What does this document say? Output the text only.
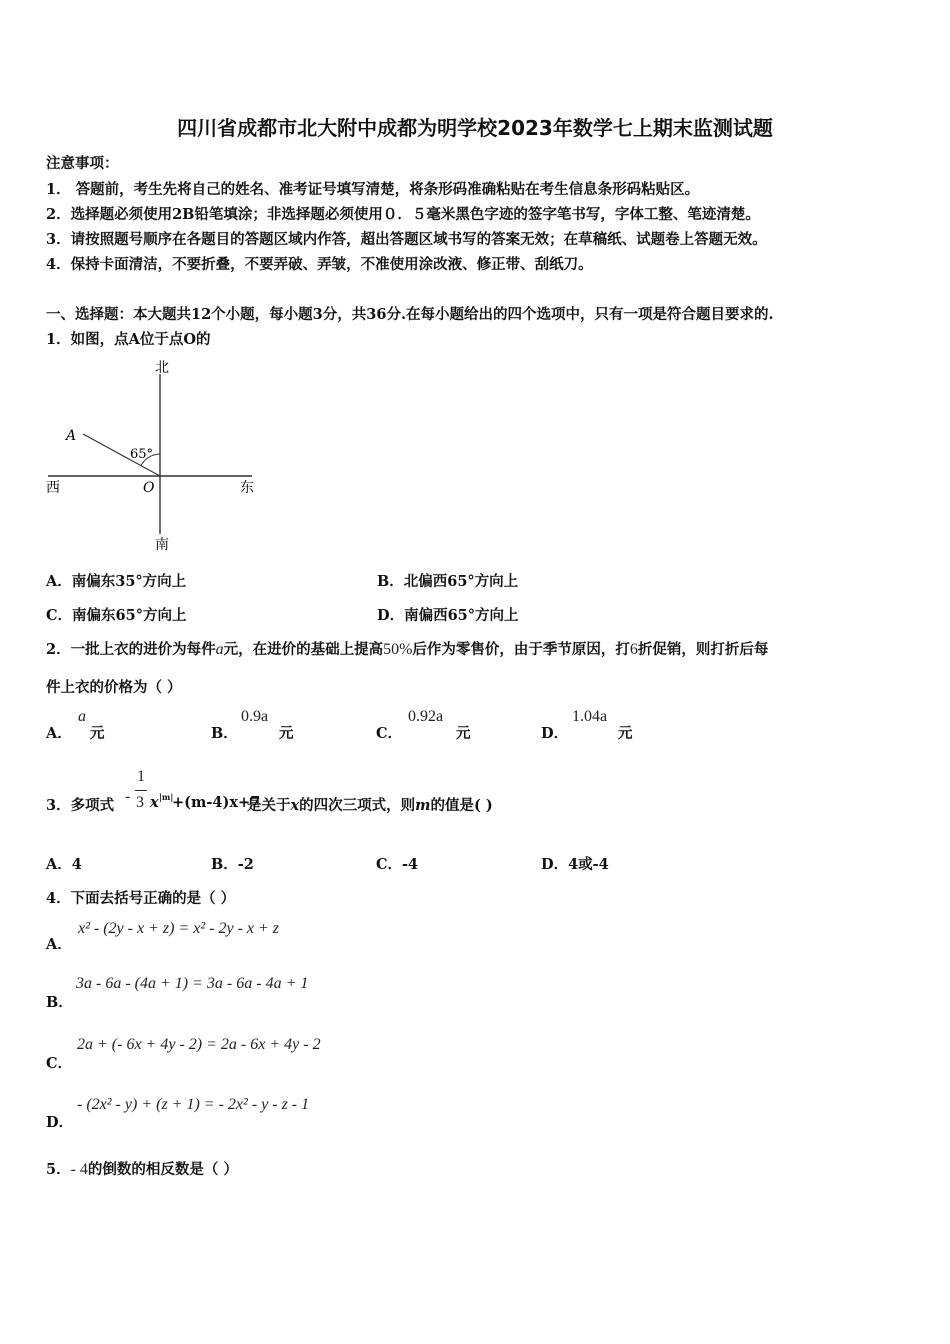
四川省成都市北大附中成都为明学校2023年数学七上期末监测试题
注意事项：
1． 答题前，考生先将自己的姓名、准考证号填写清楚，将条形码准确粘贴在考生信息条形码粘贴区。
2．选择题必须使用2B铅笔填涂；非选择题必须使用０．５毫米黑色字迹的签字笔书写，字体工整、笔迹清楚。
3．请按照题号顺序在各题目的答题区域内作答，超出答题区域书写的答案无效；在草稿纸、试题卷上答题无效。
4．保持卡面清洁，不要折叠，不要弄破、弄皱，不准使用涂改液、修正带、刮纸刀。
一、选择题：本大题共12个小题，每小题3分，共36分.在每小题给出的四个选项中，只有一项是符合题目要求的.
1．如图，点A位于点O的
北
南
西	东
A
O
65°
A．南偏东35°方向上	B．北偏西65°方向上
C．南偏东65°方向上	D．南偏西65°方向上
2．一批上衣的进价为每件a元，在进价的基础上提高50%后作为零售价，由于季节原因，打6折促销，则打折后每
件上衣的价格为（ ）
A．
a
元	B．
0.9a
元	C．
0.92a
元	D．
1.04a
元
3．多项式
-
1
3 x |m|
+(m-4)x+7
是关于x的四次三项式，则m的值是( )
A．4	B．-2	C．-4	D．4或-4
4．下面去括号正确的是（ ）
A．
x² - (2y - x + z) = x² - 2y - x + z
B．
3a - 6a - (4a + 1) = 3a - 6a - 4a + 1
C．
2a + (- 6x + 4y - 2) = 2a - 6x + 4y - 2
D．
- (2x² - y) + (z + 1) = - 2x² - y - z - 1
5．- 4的倒数的相反数是（ ）
